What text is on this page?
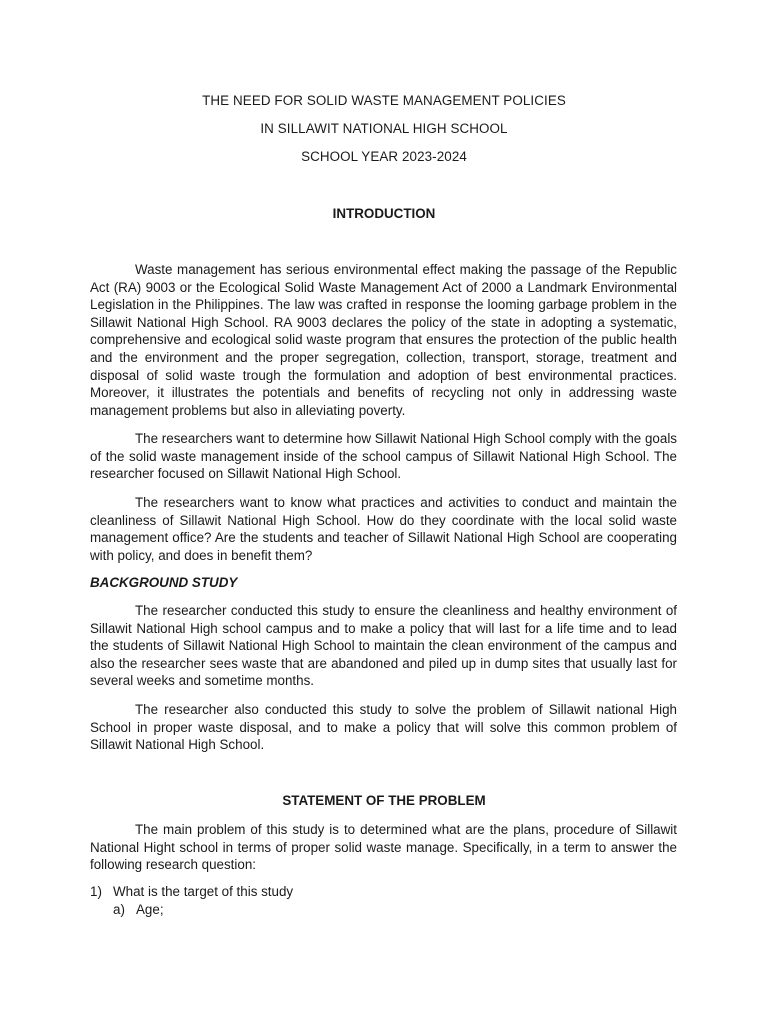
THE NEED FOR SOLID WASTE MANAGEMENT POLICIES
IN SILLAWIT NATIONAL HIGH SCHOOL
SCHOOL YEAR 2023-2024
INTRODUCTION

Waste management has serious environmental effect making the passage of the Republic Act (RA) 9003 or the Ecological Solid Waste Management Act of 2000 a Landmark Environmental Legislation in the Philippines. The law was crafted in response the looming garbage problem in the Sillawit National High School. RA 9003 declares the policy of the state in adopting a systematic, comprehensive and ecological solid waste program that ensures the protection of the public health and the environment and the proper segregation, collection, transport, storage, treatment and disposal of solid waste trough the formulation and adoption of best environmental practices. Moreover, it illustrates the potentials and benefits of recycling not only in addressing waste management problems but also in alleviating poverty.

The researchers want to determine how Sillawit National High School comply with the goals of the solid waste management inside of the school campus of Sillawit National High School. The researcher focused on Sillawit National High School.

The researchers want to know what practices and activities to conduct and maintain the cleanliness of Sillawit National High School. How do they coordinate with the local solid waste management office? Are the students and teacher of Sillawit National High School are cooperating with policy, and does in benefit them?

BACKGROUND STUDY

The researcher conducted this study to ensure the cleanliness and healthy environment of Sillawit National High school campus and to make a policy that will last for a life time and to lead the students of Sillawit National High School to maintain the clean environment of the campus and also the researcher sees waste that are abandoned and piled up in dump sites that usually last for several weeks and sometime months.

The researcher also conducted this study to solve the problem of Sillawit national High School in proper waste disposal, and to make a policy that will solve this common problem of Sillawit National High School.

STATEMENT OF THE PROBLEM

The main problem of this study is to determined what are the plans, procedure of Sillawit National Hight school in terms of proper solid waste manage. Specifically, in a term to answer the following research question:

1) What is the target of this study
a) Age;
